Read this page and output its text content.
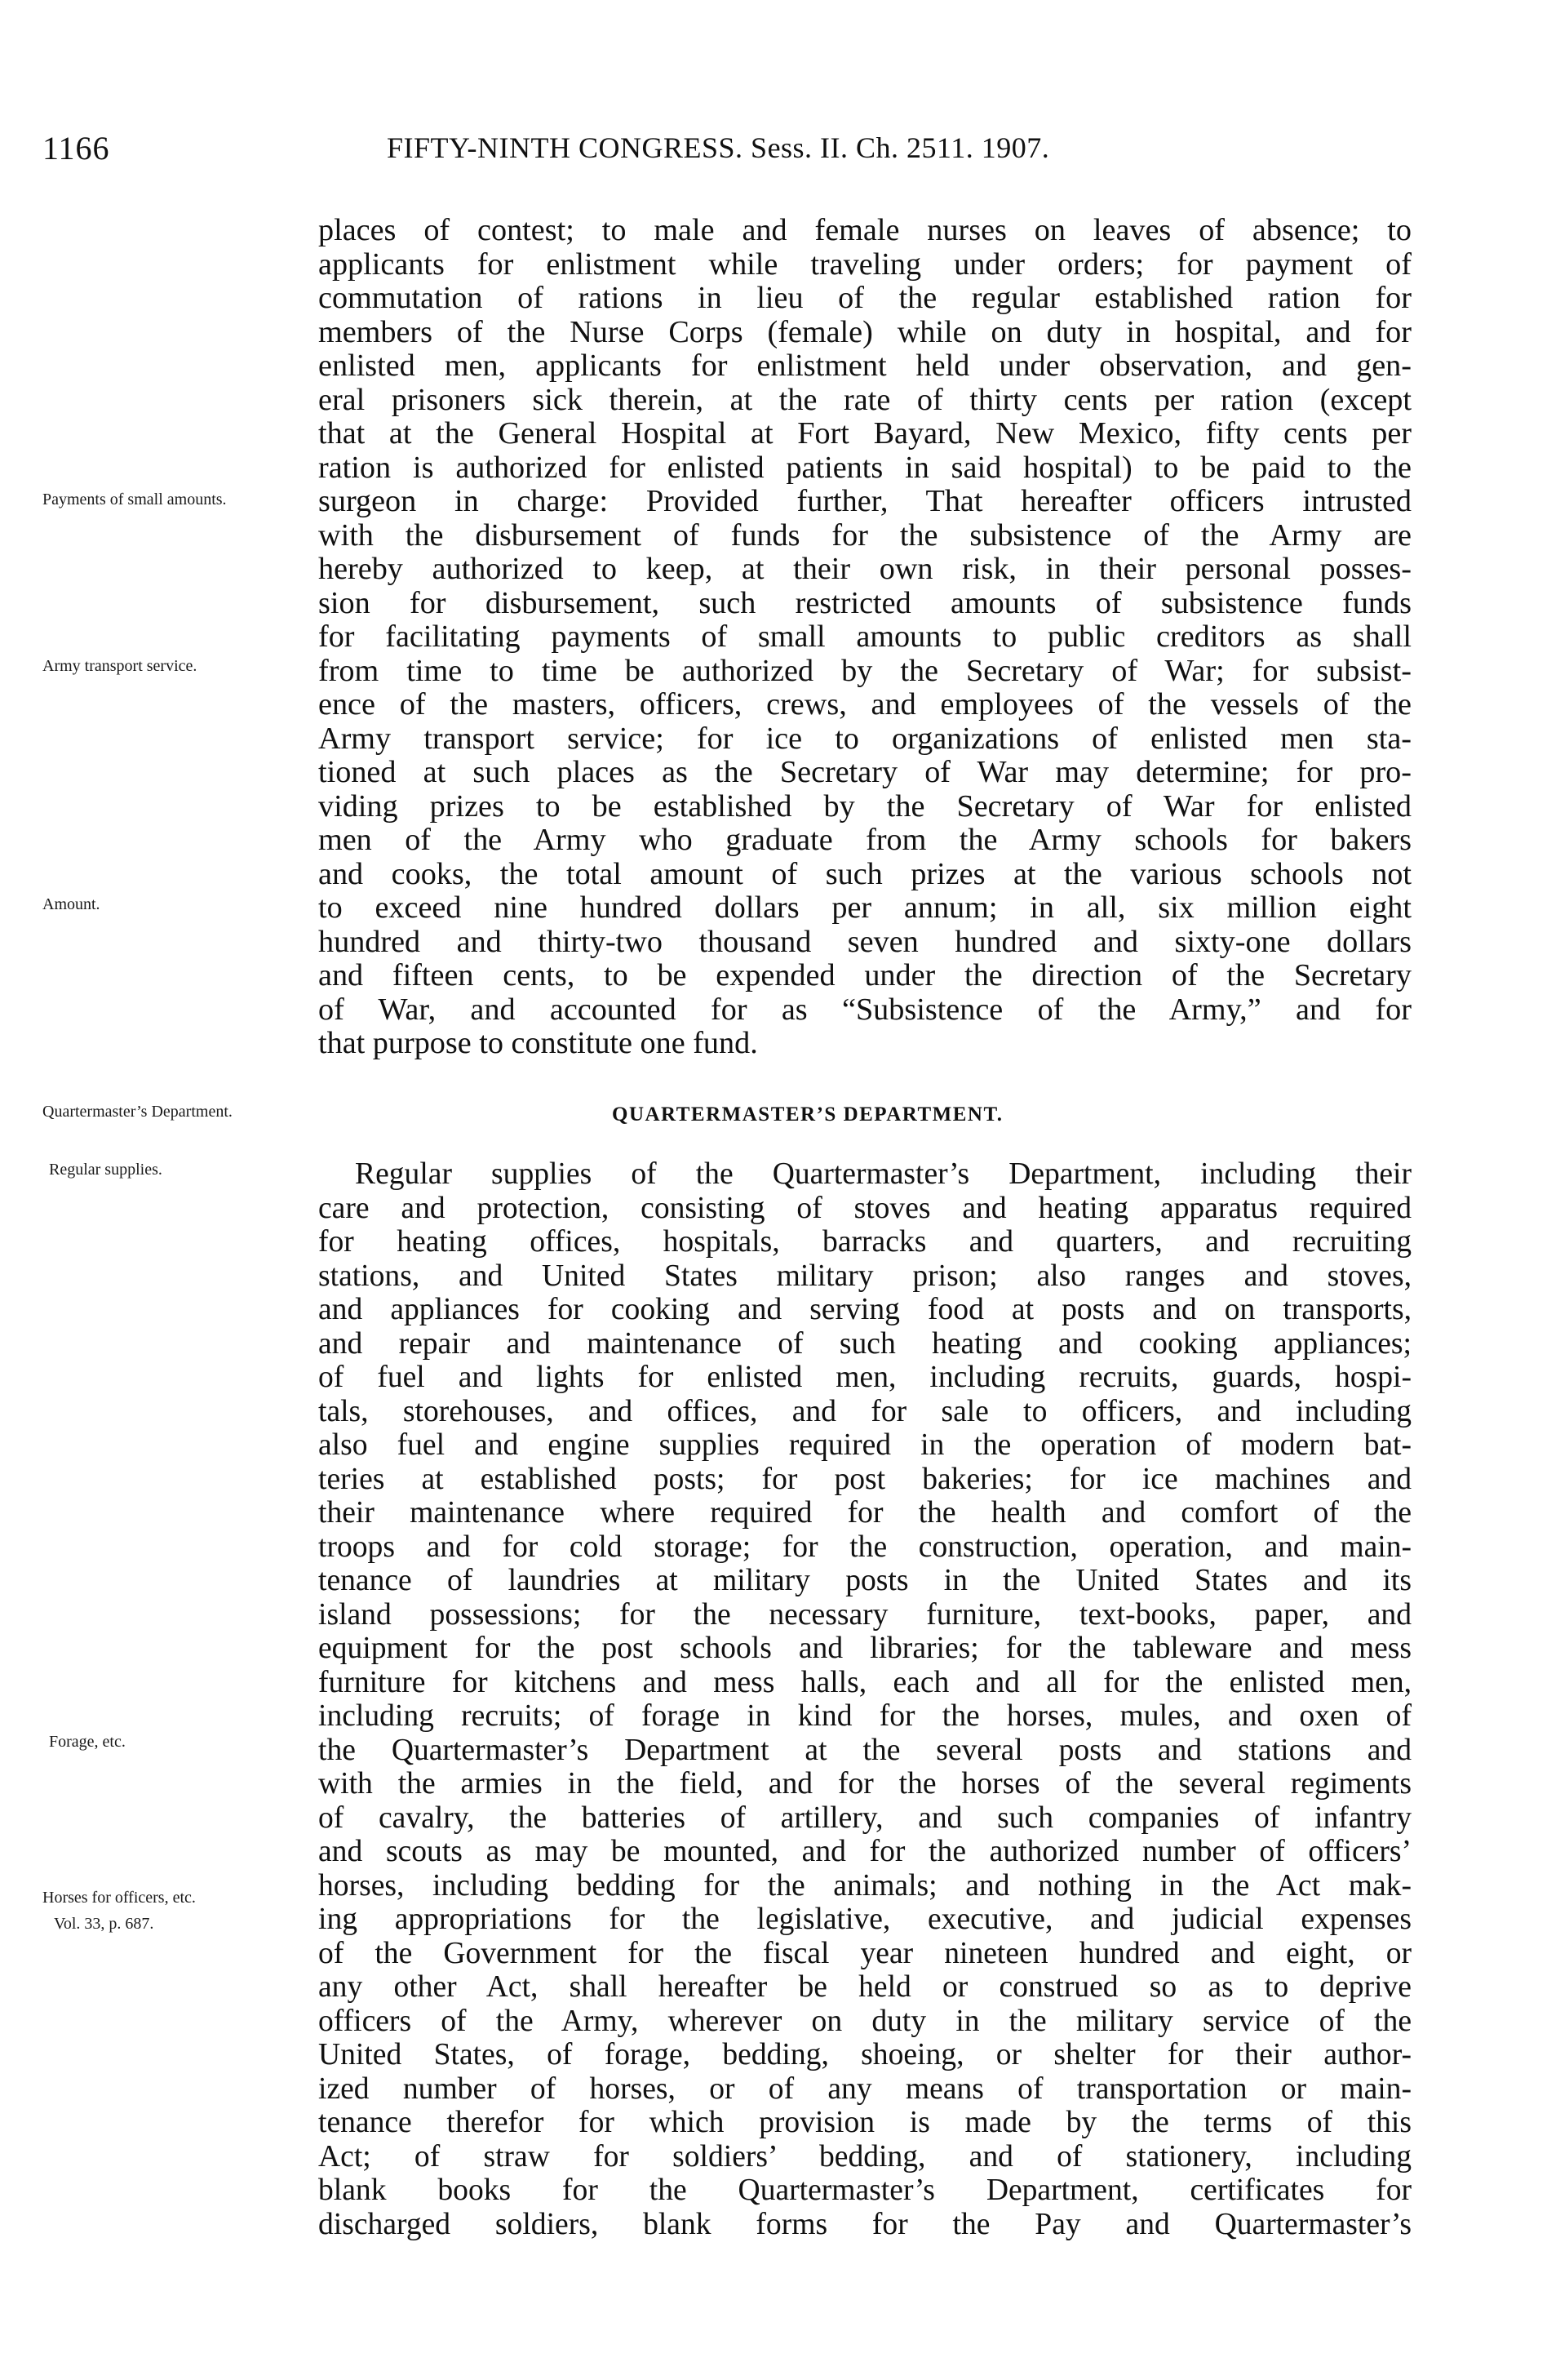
1166	FIFTY-NINTH CONGRESS. Sess. II. Ch. 2511. 1907.
Payments of small amounts.
Army transport service.
Amount.
Quartermaster’s Department.
Regular supplies.
Forage, etc.
Horses for officers, etc.
Vol. 33, p. 687.
places of contest; to male and female nurses on leaves of absence; to
applicants for enlistment while traveling under orders; for payment of
commutation of rations in lieu of the regular established ration for
members of the Nurse Corps (female) while on duty in hospital, and for
enlisted men, applicants for enlistment held under observation, and gen-
eral prisoners sick therein, at the rate of thirty cents per ration (except
that at the General Hospital at Fort Bayard, New Mexico, fifty cents per
ration is authorized for enlisted patients in said hospital) to be paid to the
surgeon in charge: Provided further, That hereafter officers intrusted
with the disbursement of funds for the subsistence of the Army are
hereby authorized to keep, at their own risk, in their personal posses-
sion for disbursement, such restricted amounts of subsistence funds
for facilitating payments of small amounts to public creditors as shall
from time to time be authorized by the Secretary of War; for subsist-
ence of the masters, officers, crews, and employees of the vessels of the
Army transport service; for ice to organizations of enlisted men sta-
tioned at such places as the Secretary of War may determine; for pro-
viding prizes to be established by the Secretary of War for enlisted
men of the Army who graduate from the Army schools for bakers
and cooks, the total amount of such prizes at the various schools not
to exceed nine hundred dollars per annum; in all, six million eight
hundred and thirty-two thousand seven hundred and sixty-one dollars
and fifteen cents, to be expended under the direction of the Secretary
of War, and accounted for as “Subsistence of the Army,” and for
that purpose to constitute one fund.
QUARTERMASTER’S DEPARTMENT.
Regular supplies of the Quartermaster’s Department, including their
care and protection, consisting of stoves and heating apparatus required
for heating offices, hospitals, barracks and quarters, and recruiting
stations, and United States military prison; also ranges and stoves,
and appliances for cooking and serving food at posts and on transports,
and repair and maintenance of such heating and cooking appliances;
of fuel and lights for enlisted men, including recruits, guards, hospi-
tals, storehouses, and offices, and for sale to officers, and including
also fuel and engine supplies required in the operation of modern bat-
teries at established posts; for post bakeries; for ice machines and
their maintenance where required for the health and comfort of the
troops and for cold storage; for the construction, operation, and main-
tenance of laundries at military posts in the United States and its
island possessions; for the necessary furniture, text-books, paper, and
equipment for the post schools and libraries; for the tableware and mess
furniture for kitchens and mess halls, each and all for the enlisted men,
including recruits; of forage in kind for the horses, mules, and oxen of
the Quartermaster’s Department at the several posts and stations and
with the armies in the field, and for the horses of the several regiments
of cavalry, the batteries of artillery, and such companies of infantry
and scouts as may be mounted, and for the authorized number of officers’
horses, including bedding for the animals; and nothing in the Act mak-
ing appropriations for the legislative, executive, and judicial expenses
of the Government for the fiscal year nineteen hundred and eight, or
any other Act, shall hereafter be held or construed so as to deprive
officers of the Army, wherever on duty in the military service of the
United States, of forage, bedding, shoeing, or shelter for their author-
ized number of horses, or of any means of transportation or main-
tenance therefor for which provision is made by the terms of this
Act; of straw for soldiers’ bedding, and of stationery, including
blank books for the Quartermaster’s Department, certificates for
discharged soldiers, blank forms for the Pay and Quartermaster’s
